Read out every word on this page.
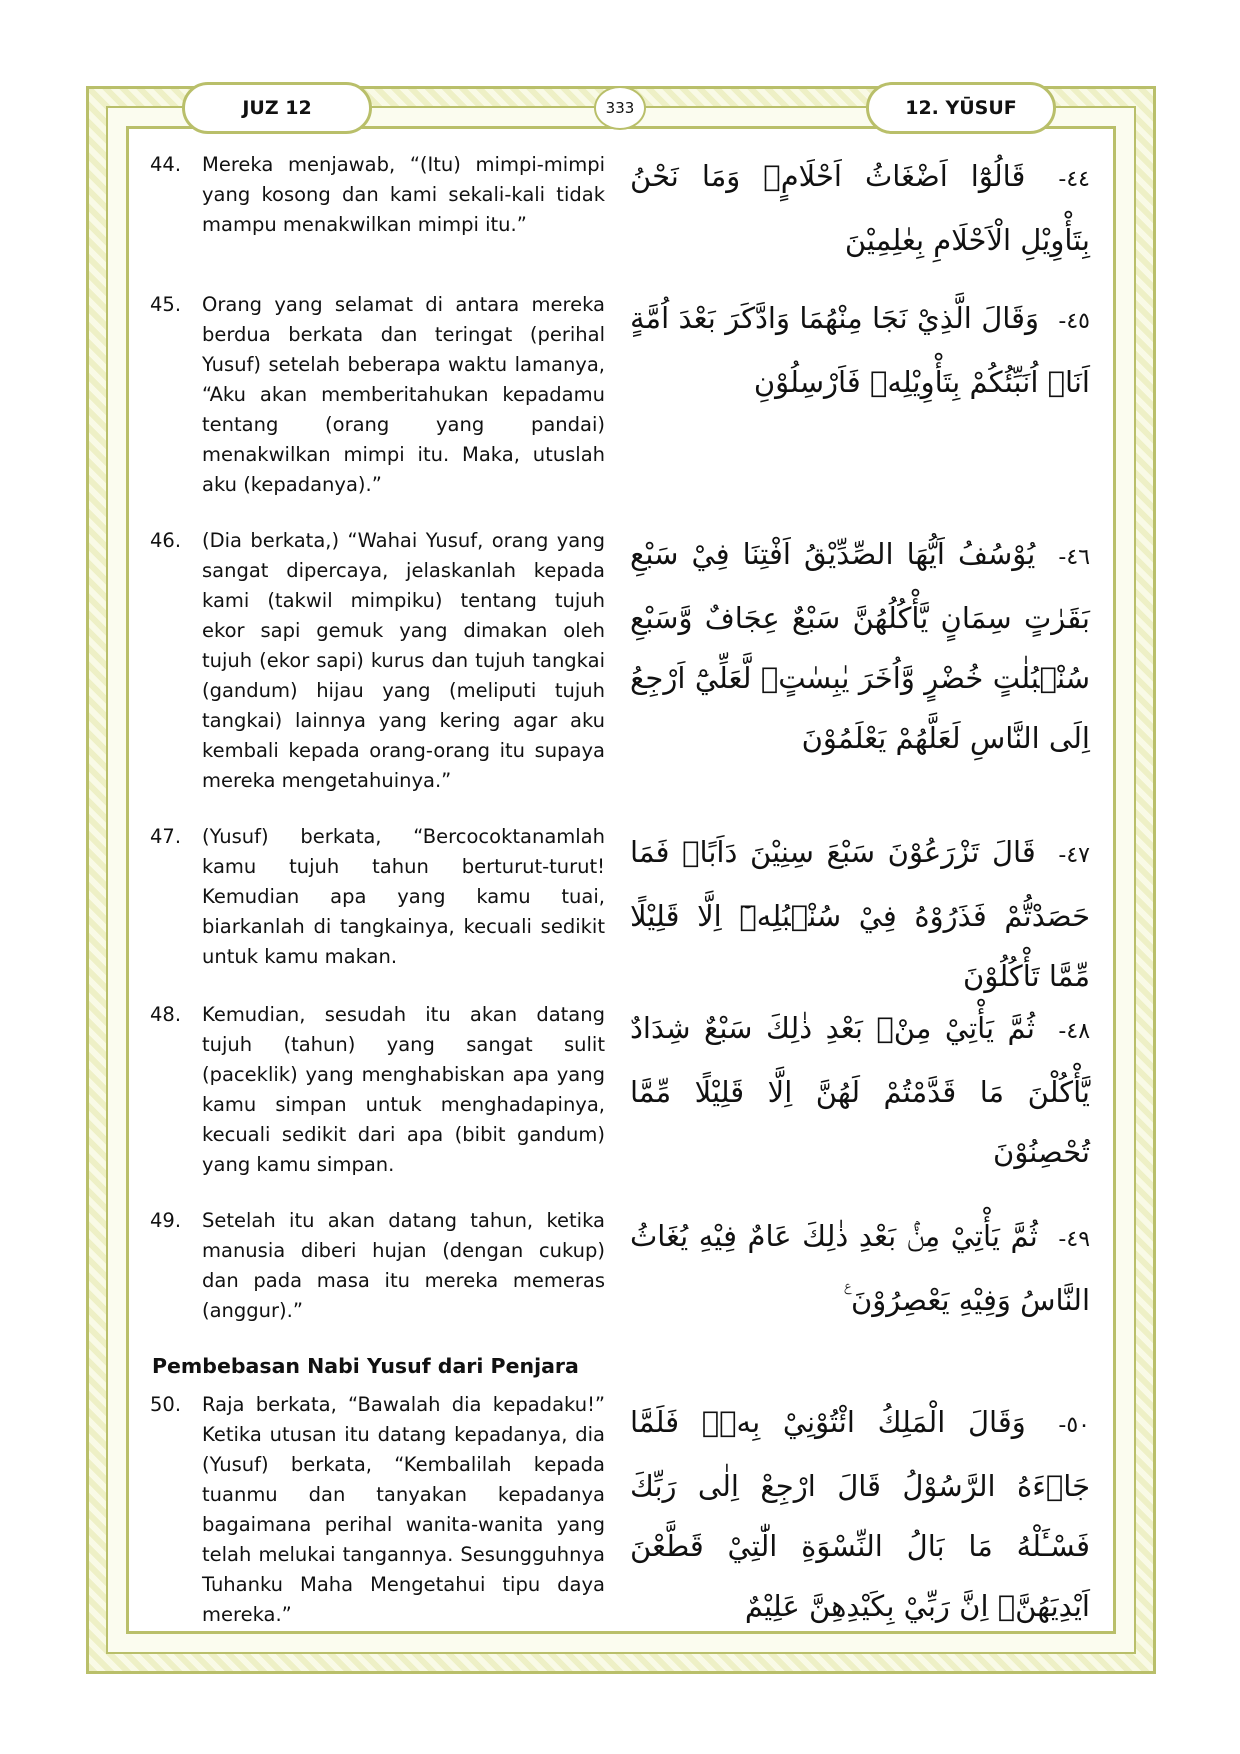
JUZ 12	333	12. YŪSUF
44. Mereka menjawab, “(Itu) mimpi-mimpi yang kosong dan kami sekali-kali tidak mampu menakwilkan mimpi itu.”
٤٤- قَالُوْٓا اَضْغَاثُ اَحْلَامٍۚ وَمَا نَحْنُ بِتَأْوِيْلِ الْاَحْلَامِ بِعٰلِمِيْنَ
45. Orang yang selamat di antara mereka berdua berkata dan teringat (perihal Yusuf) setelah beberapa waktu lamanya, “Aku akan memberitahukan kepadamu tentang (orang yang pandai) menakwilkan mimpi itu. Maka, utuslah aku (kepadanya).”
٤٥- وَقَالَ الَّذِيْ نَجَا مِنْهُمَا وَادَّكَرَ بَعْدَ اُمَّةٍ اَنَا۠ اُنَبِّئُكُمْ بِتَأْوِيْلِهٖ فَاَرْسِلُوْنِ
46. (Dia berkata,) “Wahai Yusuf, orang yang sangat dipercaya, jelaskanlah kepada kami (takwil mimpiku) tentang tujuh ekor sapi gemuk yang dimakan oleh tujuh (ekor sapi) kurus dan tujuh tangkai (gandum) hijau yang (meliputi tujuh tangkai) lainnya yang kering agar aku kembali kepada orang-orang itu supaya mereka mengetahuinya.”
٤٦- يُوْسُفُ اَيُّهَا الصِّدِّيْقُ اَفْتِنَا فِيْ سَبْعِ بَقَرٰتٍ سِمَانٍ يَّأْكُلُهُنَّ سَبْعٌ عِجَافٌ وَّسَبْعِ سُنْۢبُلٰتٍ خُضْرٍ وَّاُخَرَ يٰبِسٰتٍۙ لَّعَلِّيْٓ اَرْجِعُ اِلَى النَّاسِ لَعَلَّهُمْ يَعْلَمُوْنَ
47. (Yusuf) berkata, “Bercocoktanamlah kamu tujuh tahun berturut-turut! Kemudian apa yang kamu tuai, biarkanlah di tangkainya, kecuali sedikit untuk kamu makan.
٤٧- قَالَ تَزْرَعُوْنَ سَبْعَ سِنِيْنَ دَاَبًاۚ فَمَا حَصَدْتُّمْ فَذَرُوْهُ فِيْ سُنْۢبُلِهٖٓ اِلَّا قَلِيْلًا مِّمَّا تَأْكُلُوْنَ
48. Kemudian, sesudah itu akan datang tujuh (tahun) yang sangat sulit (paceklik) yang menghabiskan apa yang kamu simpan untuk menghadapinya, kecuali sedikit dari apa (bibit gandum) yang kamu simpan.
٤٨- ثُمَّ يَأْتِيْ مِنْۢ بَعْدِ ذٰلِكَ سَبْعٌ شِدَادٌ يَّأْكُلْنَ مَا قَدَّمْتُمْ لَهُنَّ اِلَّا قَلِيْلًا مِّمَّا تُحْصِنُوْنَ
49. Setelah itu akan datang tahun, ketika manusia diberi hujan (dengan cukup) dan pada masa itu mereka memeras (anggur).”
٤٩- ثُمَّ يَأْتِيْ مِنْۢ بَعْدِ ذٰلِكَ عَامٌ فِيْهِ يُغَاثُ النَّاسُ وَفِيْهِ يَعْصِرُوْنَ ࣖ
Pembebasan Nabi Yusuf dari Penjara
50. Raja berkata, “Bawalah dia kepadaku!” Ketika utusan itu datang kepadanya, dia (Yusuf) berkata, “Kembalilah kepada tuanmu dan tanyakan kepadanya bagaimana perihal wanita-wanita yang telah melukai tangannya. Sesungguhnya Tuhanku Maha Mengetahui tipu daya mereka.”
٥٠- وَقَالَ الْمَلِكُ ائْتُوْنِيْ بِهٖۚ فَلَمَّا جَاۤءَهُ الرَّسُوْلُ قَالَ ارْجِعْ اِلٰى رَبِّكَ فَسْـَٔلْهُ مَا بَالُ النِّسْوَةِ الّٰتِيْ قَطَّعْنَ اَيْدِيَهُنَّۗ اِنَّ رَبِّيْ بِكَيْدِهِنَّ عَلِيْمٌ
